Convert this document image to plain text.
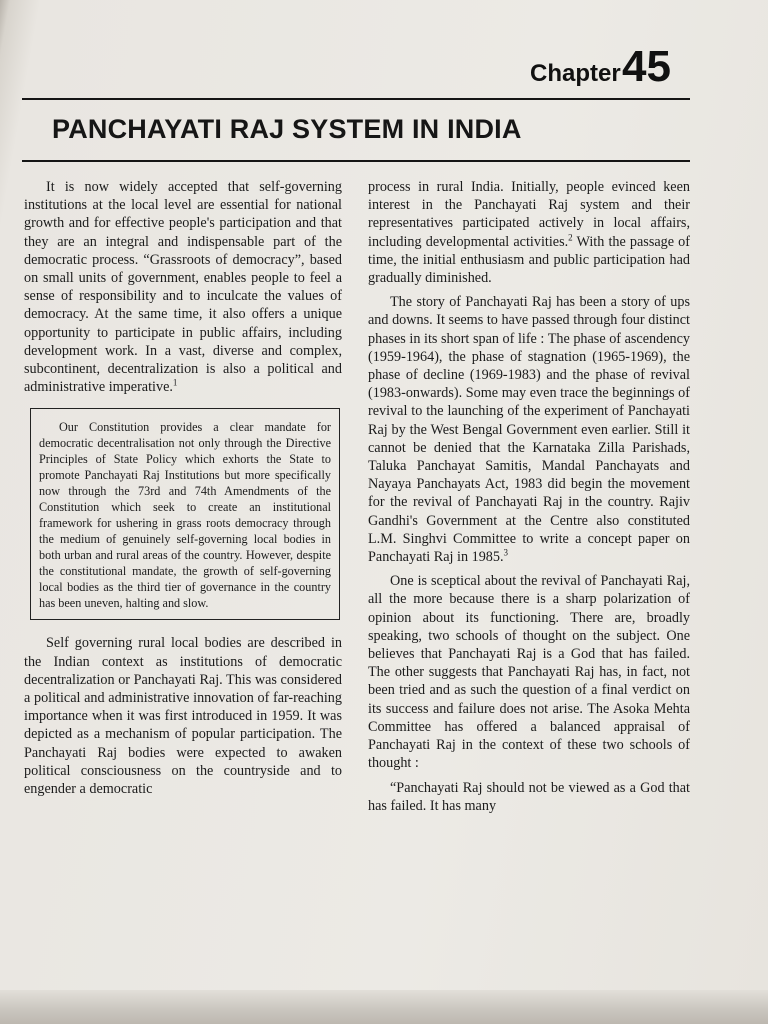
Chapter 45
PANCHAYATI RAJ SYSTEM IN INDIA

It is now widely accepted that self-governing institutions at the local level are essential for national growth and for effective people's participation and that they are an integral and indispensable part of the democratic process. “Grassroots of democracy”, based on small units of government, enables people to feel a sense of responsibility and to inculcate the values of democracy. At the same time, it also offers a unique opportunity to participate in public affairs, including development work. In a vast, diverse and complex, subcontinent, decentralization is also a political and administrative imperative.$^1$

Our Constitution provides a clear mandate for democratic decentralisation not only through the Directive Principles of State Policy which exhorts the State to promote Panchayati Raj Institutions but more specifically now through the 73rd and 74th Amendments of the Constitution which seek to create an institutional framework for ushering in grass roots democracy through the medium of genuinely self-governing local bodies in both urban and rural areas of the country. However, despite the constitutional mandate, the growth of self-governing local bodies as the third tier of governance in the country has been uneven, halting and slow.

Self governing rural local bodies are described in the Indian context as institutions of democratic decentralization or Panchayati Raj. This was considered a political and administrative innovation of far-reaching importance when it was first introduced in 1959. It was depicted as a mechanism of popular participation. The Panchayati Raj bodies were expected to awaken political consciousness on the countryside and to engender a democratic

process in rural India. Initially, people evinced keen interest in the Panchayati Raj system and their representatives participated actively in local affairs, including developmental activities.$^2$ With the passage of time, the initial enthusiasm and public participation had gradually diminished.

The story of Panchayati Raj has been a story of ups and downs. It seems to have passed through four distinct phases in its short span of life : The phase of ascendency (1959-1964), the phase of stagnation (1965-1969), the phase of decline (1969-1983) and the phase of revival (1983-onwards). Some may even trace the beginnings of revival to the launching of the experiment of Panchayati Raj by the West Bengal Government even earlier. Still it cannot be denied that the Karnataka Zilla Parishads, Taluka Panchayat Samitis, Mandal Panchayats and Nayaya Panchayats Act, 1983 did begin the movement for the revival of Panchayati Raj in the country. Rajiv Gandhi's Government at the Centre also constituted L.M. Singhvi Committee to write a concept paper on Panchayati Raj in 1985.$^3$

One is sceptical about the revival of Panchayati Raj, all the more because there is a sharp polarization of opinion about its functioning. There are, broadly speaking, two schools of thought on the subject. One believes that Panchayati Raj is a God that has failed. The other suggests that Panchayati Raj has, in fact, not been tried and as such the question of a final verdict on its success and failure does not arise. The Asoka Mehta Committee has offered a balanced appraisal of Panchayati Raj in the context of these two schools of thought :

“Panchayati Raj should not be viewed as a God that has failed. It has many
